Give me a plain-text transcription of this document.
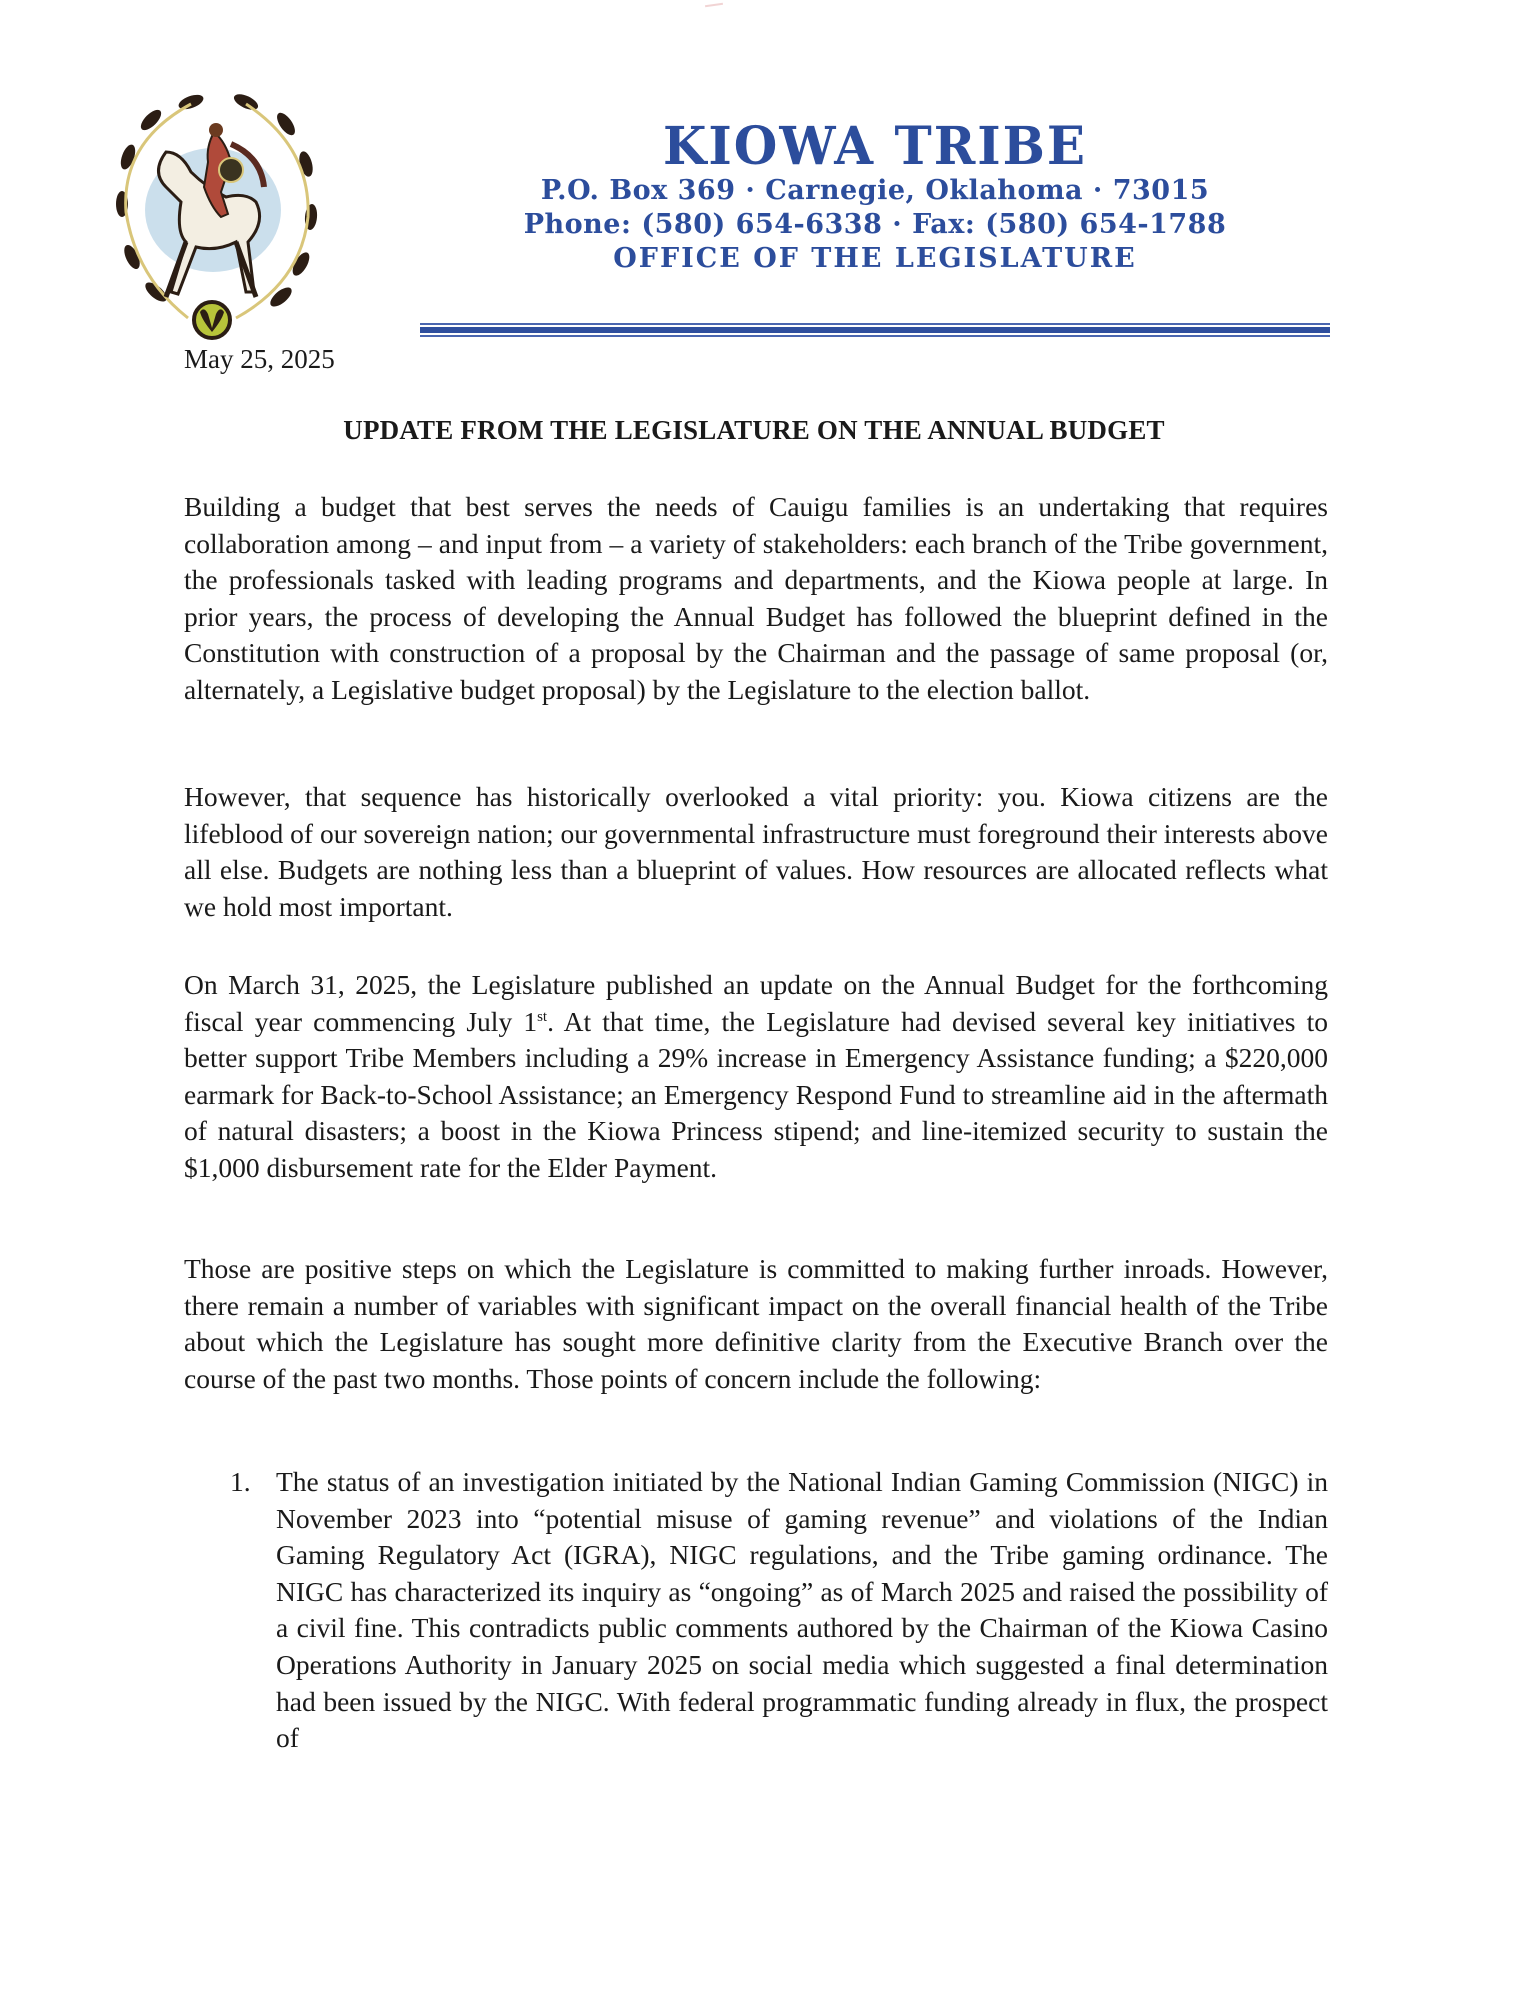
KIOWA TRIBE
P.O. Box 369 · Carnegie, Oklahoma · 73015
Phone: (580) 654-6338 · Fax: (580) 654-1788
OFFICE OF THE LEGISLATURE
May 25, 2025
UPDATE FROM THE LEGISLATURE ON THE ANNUAL BUDGET

Building a budget that best serves the needs of Cauigu families is an undertaking that requires collaboration among – and input from – a variety of stakeholders: each branch of the Tribe government, the professionals tasked with leading programs and departments, and the Kiowa people at large. In prior years, the process of developing the Annual Budget has followed the blueprint defined in the Constitution with construction of a proposal by the Chairman and the passage of same proposal (or, alternately, a Legislative budget proposal) by the Legislature to the election ballot.

However, that sequence has historically overlooked a vital priority: you. Kiowa citizens are the lifeblood of our sovereign nation; our governmental infrastructure must foreground their interests above all else. Budgets are nothing less than a blueprint of values. How resources are allocated reflects what we hold most important.

On March 31, 2025, the Legislature published an update on the Annual Budget for the forthcoming fiscal year commencing July 1st. At that time, the Legislature had devised several key initiatives to better support Tribe Members including a 29% increase in Emergency Assistance funding; a $220,000 earmark for Back-to-School Assistance; an Emergency Respond Fund to streamline aid in the aftermath of natural disasters; a boost in the Kiowa Princess stipend; and line-itemized security to sustain the $1,000 disbursement rate for the Elder Payment.

Those are positive steps on which the Legislature is committed to making further inroads. However, there remain a number of variables with significant impact on the overall financial health of the Tribe about which the Legislature has sought more definitive clarity from the Executive Branch over the course of the past two months. Those points of concern include the following:

1. The status of an investigation initiated by the National Indian Gaming Commission (NIGC) in November 2023 into “potential misuse of gaming revenue” and violations of the Indian Gaming Regulatory Act (IGRA), NIGC regulations, and the Tribe gaming ordinance. The NIGC has characterized its inquiry as “ongoing” as of March 2025 and raised the possibility of a civil fine. This contradicts public comments authored by the Chairman of the Kiowa Casino Operations Authority in January 2025 on social media which suggested a final determination had been issued by the NIGC. With federal programmatic funding already in flux, the prospect of
